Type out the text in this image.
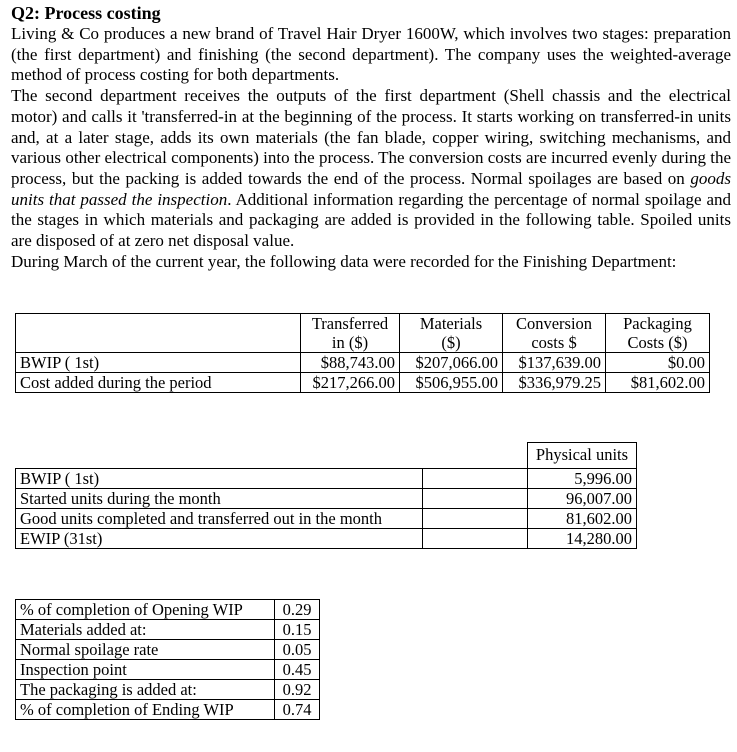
Q2: Process costing

Living & Co produces a new brand of Travel Hair Dryer 1600W, which involves two stages: preparation (the first department) and finishing (the second department). The company uses the weighted-average method of process costing for both departments.

The second department receives the outputs of the first department (Shell chassis and the electrical motor) and calls it 'transferred-in at the beginning of the process. It starts working on transferred-in units and, at a later stage, adds its own materials (the fan blade, copper wiring, switching mechanisms, and various other electrical components) into the process. The conversion costs are incurred evenly during the process, but the packing is added towards the end of the process. Normal spoilages are based on goods units that passed the inspection. Additional information regarding the percentage of normal spoilage and the stages in which materials and packaging are added is provided in the following table. Spoiled units are disposed of at zero net disposal value.

During March of the current year, the following data were recorded for the Finishing Department:

	Transferred	Materials	Conversion	Packaging
	in ($)	($)	costs $	Costs ($)
BWIP ( 1st)	$88,743.00	$207,066.00	$137,639.00	$0.00
Cost added during the period	$217,266.00	$506,955.00	$336,979.25	$81,602.00
		Physical units
BWIP ( 1st)		5,996.00
Started units during the month		96,007.00
Good units completed and transferred out in the month		81,602.00
EWIP (31st)		14,280.00
% of completion of Opening WIP	0.29
Materials added at:	0.15
Normal spoilage rate	0.05
Inspection point	0.45
The packaging is added at:	0.92
% of completion of Ending WIP	0.74
